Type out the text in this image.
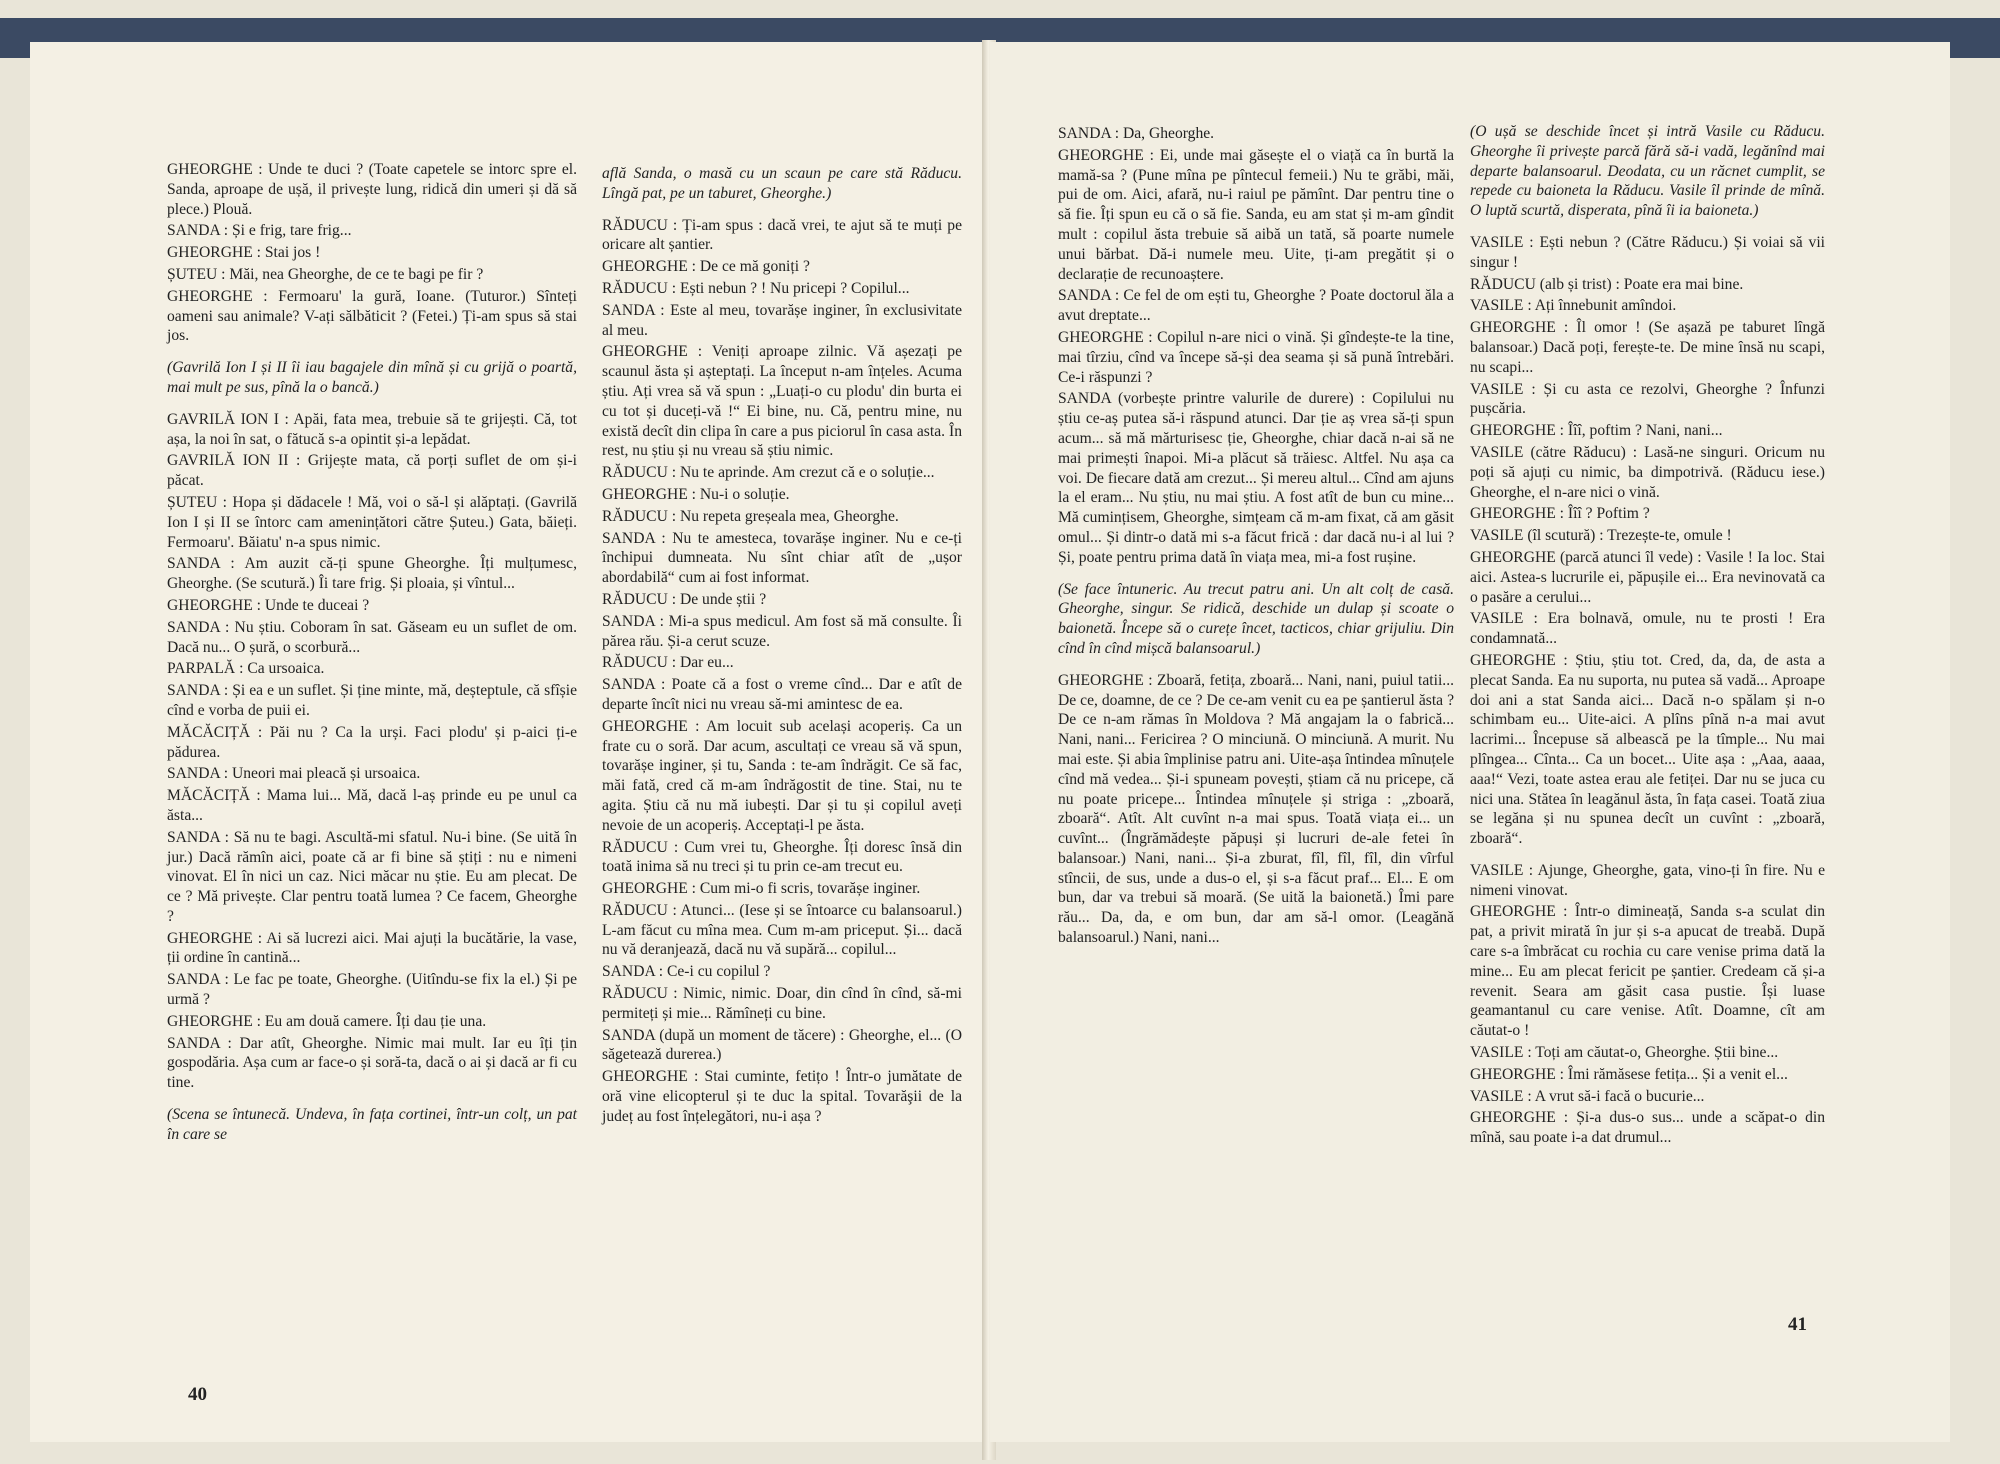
GHEORGHE : Unde te duci ? (Toate capetele se intorc spre el. Sanda, aproape de ușă, il privește lung, ridică din umeri și dă să plece.) Plouă.

SANDA : Și e frig, tare frig...

GHEORGHE : Stai jos !

ȘUTEU : Măi, nea Gheorghe, de ce te bagi pe fir ?

GHEORGHE : Fermoaru' la gură, Ioane. (Tuturor.) Sînteți oameni sau animale? V-ați sălbăticit ? (Fetei.) Ți-am spus să stai jos.

(Gavrilă Ion I și II îi iau bagajele din mînă și cu grijă o poartă, mai mult pe sus, pînă la o bancă.)

GAVRILĂ ION I : Apăi, fata mea, trebuie să te grijești. Că, tot așa, la noi în sat, o fătucă s-a opintit și-a lepădat.

GAVRILĂ ION II : Grijește mata, că porți suflet de om și-i păcat.

ȘUTEU : Hopa și dădacele ! Mă, voi o să-l și alăptați. (Gavrilă Ion I și II se întorc cam amenințători către Șuteu.) Gata, băieți. Fermoaru'. Băiatu' n-a spus nimic.

SANDA : Am auzit că-ți spune Gheorghe. Îți mulțumesc, Gheorghe. (Se scutură.) Îi tare frig. Și ploaia, și vîntul...

GHEORGHE : Unde te duceai ?

SANDA : Nu știu. Coboram în sat. Găseam eu un suflet de om. Dacă nu... O șură, o scorbură...

PARPALĂ : Ca ursoaica.

SANDA : Și ea e un suflet. Și ține minte, mă, deșteptule, că sfîșie cînd e vorba de puii ei.

MĂCĂCIȚĂ : Păi nu ? Ca la urși. Faci plodu' și p-aici ți-e pădurea.

SANDA : Uneori mai pleacă și ursoaica.

MĂCĂCIȚĂ : Mama lui... Mă, dacă l-aș prinde eu pe unul ca ăsta...

SANDA : Să nu te bagi. Ascultă-mi sfatul. Nu-i bine. (Se uită în jur.) Dacă rămîn aici, poate că ar fi bine să știți : nu e nimeni vinovat. El în nici un caz. Nici măcar nu știe. Eu am plecat. De ce ? Mă privește. Clar pentru toată lumea ? Ce facem, Gheorghe ?

GHEORGHE : Ai să lucrezi aici. Mai ajuți la bucătărie, la vase, ții ordine în cantină...

SANDA : Le fac pe toate, Gheorghe. (Uitîndu-se fix la el.) Și pe urmă ?

GHEORGHE : Eu am două camere. Îți dau ție una.

SANDA : Dar atît, Gheorghe. Nimic mai mult. Iar eu îți țin gospodăria. Așa cum ar face-o și soră-ta, dacă o ai și dacă ar fi cu tine.

(Scena se întunecă. Undeva, în fața cortinei, într-un colț, un pat în care se

află Sanda, o masă cu un scaun pe care stă Răducu. Lîngă pat, pe un taburet, Gheorghe.)

RĂDUCU : Ți-am spus : dacă vrei, te ajut să te muți pe oricare alt șantier.

GHEORGHE : De ce mă goniți ?

RĂDUCU : Ești nebun ? ! Nu pricepi ? Copilul...

SANDA : Este al meu, tovarășe inginer, în exclusivitate al meu.

GHEORGHE : Veniți aproape zilnic. Vă așezați pe scaunul ăsta și așteptați. La început n-am înțeles. Acuma știu. Ați vrea să vă spun : „Luați-o cu plodu' din burta ei cu tot și duceți-vă !“ Ei bine, nu. Că, pentru mine, nu există decît din clipa în care a pus piciorul în casa asta. În rest, nu știu și nu vreau să știu nimic.

RĂDUCU : Nu te aprinde. Am crezut că e o soluție...

GHEORGHE : Nu-i o soluție.

RĂDUCU : Nu repeta greșeala mea, Gheorghe.

SANDA : Nu te amesteca, tovarășe inginer. Nu e ce-ți închipui dumneata. Nu sînt chiar atît de „ușor abordabilă“ cum ai fost informat.

RĂDUCU : De unde știi ?

SANDA : Mi-a spus medicul. Am fost să mă consulte. Îi părea rău. Și-a cerut scuze.

RĂDUCU : Dar eu...

SANDA : Poate că a fost o vreme cînd... Dar e atît de departe încît nici nu vreau să-mi amintesc de ea.

GHEORGHE : Am locuit sub același acoperiș. Ca un frate cu o soră. Dar acum, ascultați ce vreau să vă spun, tovarășe inginer, și tu, Sanda : te-am îndrăgit. Ce să fac, măi fată, cred că m-am îndrăgostit de tine. Stai, nu te agita. Știu că nu mă iubești. Dar și tu și copilul aveți nevoie de un acoperiș. Acceptați-l pe ăsta.

RĂDUCU : Cum vrei tu, Gheorghe. Îți doresc însă din toată inima să nu treci și tu prin ce-am trecut eu.

GHEORGHE : Cum mi-o fi scris, tovarășe inginer.

RĂDUCU : Atunci... (Iese și se întoarce cu balansoarul.) L-am făcut cu mîna mea. Cum m-am priceput. Și... dacă nu vă deranjează, dacă nu vă supără... copilul...

SANDA : Ce-i cu copilul ?

RĂDUCU : Nimic, nimic. Doar, din cînd în cînd, să-mi permiteți și mie... Rămîneți cu bine.

SANDA (după un moment de tăcere) : Gheorghe, el... (O săgetează durerea.)

GHEORGHE : Stai cuminte, fetițo ! Într-o jumătate de oră vine elicopterul și te duc la spital. Tovarăşii de la județ au fost înțelegători, nu-i așa ?

40

SANDA : Da, Gheorghe.

GHEORGHE : Ei, unde mai găsește el o viață ca în burtă la mamă-sa ? (Pune mîna pe pîntecul femeii.) Nu te grăbi, măi, pui de om. Aici, afară, nu-i raiul pe pămînt. Dar pentru tine o să fie. Îți spun eu că o să fie. Sanda, eu am stat și m-am gîndit mult : copilul ăsta trebuie să aibă un tată, să poarte numele unui bărbat. Dă-i numele meu. Uite, ți-am pregătit și o declarație de recunoaștere.

SANDA : Ce fel de om ești tu, Gheorghe ? Poate doctorul ăla a avut dreptate...

GHEORGHE : Copilul n-are nici o vină. Și gîndește-te la tine, mai tîrziu, cînd va începe să-și dea seama și să pună întrebări. Ce-i răspunzi ?

SANDA (vorbește printre valurile de durere) : Copilului nu știu ce-aș putea să-i răspund atunci. Dar ție aș vrea să-ți spun acum... să mă mărturisesc ție, Gheorghe, chiar dacă n-ai să ne mai primești înapoi. Mi-a plăcut să trăiesc. Altfel. Nu așa ca voi. De fiecare dată am crezut... Și mereu altul... Cînd am ajuns la el eram... Nu știu, nu mai știu. A fost atît de bun cu mine... Mă cumințisem, Gheorghe, simțeam că m-am fixat, că am găsit omul... Și dintr-o dată mi s-a făcut frică : dar dacă nu-i al lui ? Și, poate pentru prima dată în viața mea, mi-a fost rușine.

(Se face întuneric. Au trecut patru ani. Un alt colț de casă. Gheorghe, singur. Se ridică, deschide un dulap și scoate o baionetă. Începe să o curețe încet, tacticos, chiar grijuliu. Din cînd în cînd mișcă balansoarul.)

GHEORGHE : Zboară, fetița, zboară... Nani, nani, puiul tatii... De ce, doamne, de ce ? De ce-am venit cu ea pe șantierul ăsta ? De ce n-am rămas în Moldova ? Mă angajam la o fabrică... Nani, nani... Fericirea ? O minciună. O minciună. A murit. Nu mai este. Și abia împlinise patru ani. Uite-așa întindea mînuțele cînd mă vedea... Și-i spuneam povești, știam că nu pricepe, că nu poate pricepe... Întindea mînuțele și striga : „zboară, zboară“. Atît. Alt cuvînt n-a mai spus. Toată viața ei... un cuvînt... (Îngrămădește păpuși și lucruri de-ale fetei în balansoar.) Nani, nani... Și-a zburat, fîl, fîl, fîl, din vîrful stîncii, de sus, unde a dus-o el, și s-a făcut praf... El... E om bun, dar va trebui să moară. (Se uită la baionetă.) Îmi pare rău... Da, da, e om bun, dar am să-l omor. (Leagănă balansoarul.) Nani, nani...

(O ușă se deschide încet și intră Vasile cu Răducu. Gheorghe îi privește parcă fără să-i vadă, legănînd mai departe balansoarul. Deodata, cu un răcnet cumplit, se repede cu baioneta la Răducu. Vasile îl prinde de mînă. O luptă scurtă, disperata, pînă îi ia baioneta.)

VASILE : Ești nebun ? (Către Răducu.) Și voiai să vii singur !

RĂDUCU (alb și trist) : Poate era mai bine.

VASILE : Ați înnebunit amîndoi.

GHEORGHE : Îl omor ! (Se așază pe taburet lîngă balansoar.) Dacă poți, ferește-te. De mine însă nu scapi, nu scapi...

VASILE : Și cu asta ce rezolvi, Gheorghe ? Înfunzi pușcăria.

GHEORGHE : Îîî, poftim ? Nani, nani...

VASILE (către Răducu) : Lasă-ne singuri. Oricum nu poți să ajuți cu nimic, ba dimpotrivă. (Răducu iese.) Gheorghe, el n-are nici o vină.

GHEORGHE : Îîî ? Poftim ?

VASILE (îl scutură) : Trezește-te, omule !

GHEORGHE (parcă atunci îl vede) : Vasile ! Ia loc. Stai aici. Astea-s lucrurile ei, păpușile ei... Era nevinovată ca o pasăre a cerului...

VASILE : Era bolnavă, omule, nu te prosti ! Era condamnată...

GHEORGHE : Știu, știu tot. Cred, da, da, de asta a plecat Sanda. Ea nu suporta, nu putea să vadă... Aproape doi ani a stat Sanda aici... Dacă n-o spălam și n-o schimbam eu... Uite-aici. A plîns pînă n-a mai avut lacrimi... Începuse să albească pe la tîmple... Nu mai plîngea... Cînta... Ca un bocet... Uite așa : „Aaa, aaaa, aaa!“ Vezi, toate astea erau ale fetiței. Dar nu se juca cu nici una. Stătea în leagănul ăsta, în fața casei. Toată ziua se legăna și nu spunea decît un cuvînt : „zboară, zboară“.

VASILE : Ajunge, Gheorghe, gata, vino-ți în fire. Nu e nimeni vinovat.

GHEORGHE : Într-o dimineață, Sanda s-a sculat din pat, a privit mirată în jur și s-a apucat de treabă. După care s-a îmbrăcat cu rochia cu care venise prima dată la mine... Eu am plecat fericit pe șantier. Credeam că și-a revenit. Seara am găsit casa pustie. Își luase geamantanul cu care venise. Atît. Doamne, cît am căutat-o !

VASILE : Toți am căutat-o, Gheorghe. Știi bine...

GHEORGHE : Îmi rămăsese fetița... Și a venit el...

VASILE : A vrut să-i facă o bucurie...

GHEORGHE : Și-a dus-o sus... unde a scăpat-o din mînă, sau poate i-a dat drumul...

41
